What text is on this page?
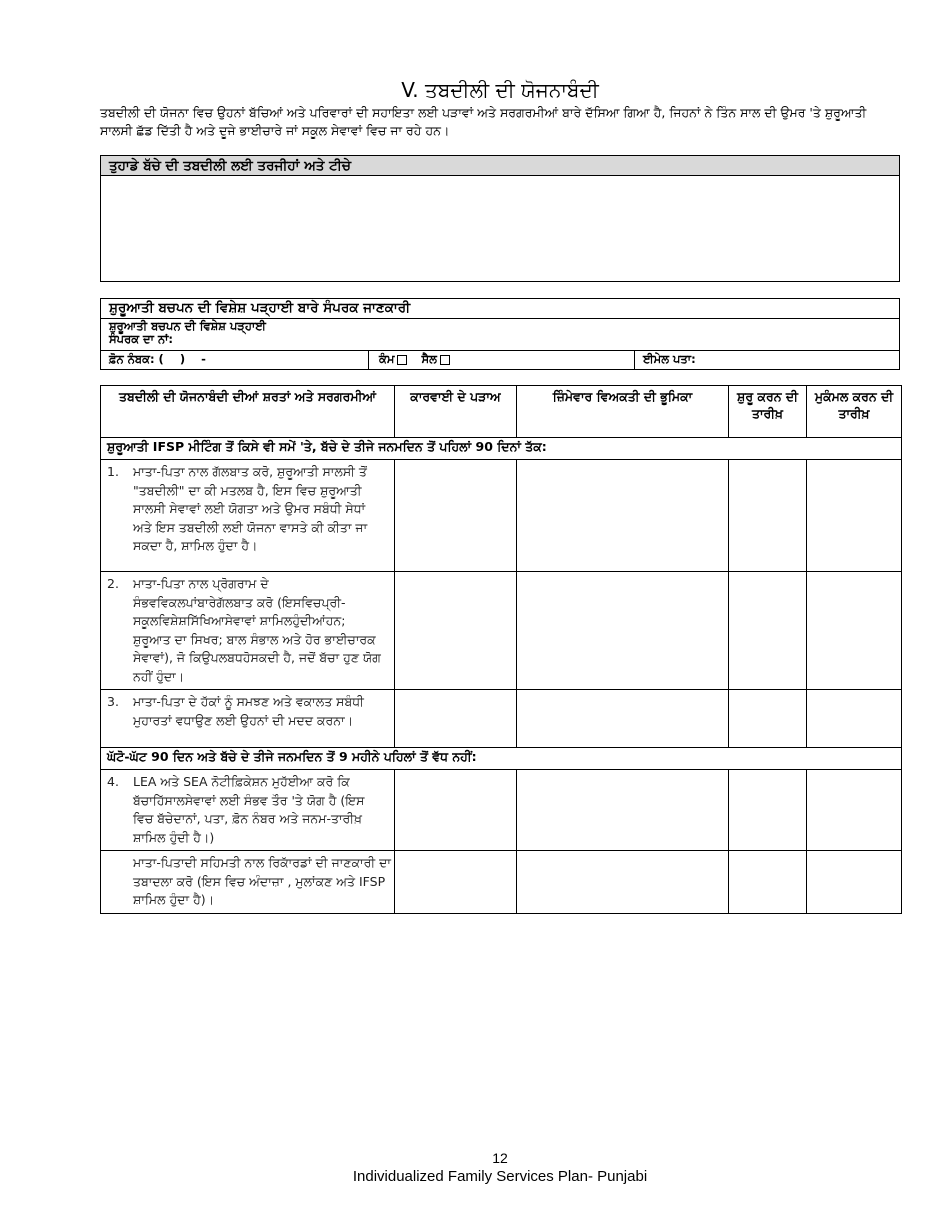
V. ਤਬਦੀਲੀ ਦੀ ਯੋਜਨਾਬੰਦੀ
ਤਬਦੀਲੀ ਦੀ ਯੋਜਨਾ ਵਿਚ ਉਹਨਾਂ ਬੱਚਿਆਂ ਅਤੇ ਪਰਿਵਾਰਾਂ ਦੀ ਸਹਾਇਤਾ ਲਈ ਪੜਾਵਾਂ ਅਤੇ ਸਰਗਰਮੀਆਂ ਬਾਰੇ ਦੱਸਿਆ ਗਿਆ ਹੈ, ਜਿਹਨਾਂ ਨੇ ਤਿੰਨ ਸਾਲ ਦੀ ਉਮਰ 'ਤੇ ਸ਼ੁਰੂਆਤੀ ਸਾਲਸੀ ਛੱਡ ਦਿੱਤੀ ਹੈ ਅਤੇ ਦੂਜੇ ਭਾਈਚਾਰੇ ਜਾਂ ਸਕੂਲ ਸੇਵਾਵਾਂ ਵਿਚ ਜਾ ਰਹੇ ਹਨ।
ਤੁਹਾਡੇ ਬੱਚੇ ਦੀ ਤਬਦੀਲੀ ਲਈ ਤਰਜੀਹਾਂ ਅਤੇ ਟੀਚੇ
ਸ਼ੁਰੂਆਤੀ ਬਚਪਨ ਦੀ ਵਿਸ਼ੇਸ਼ ਪੜ੍ਹਾਈ ਬਾਰੇ ਸੰਪਰਕ ਜਾਣਕਾਰੀ
ਸ਼ੁਰੂਆਤੀ ਬਚਪਨ ਦੀ ਵਿਸ਼ੇਸ਼ ਪੜ੍ਹਾਈ
ਸੰਪਰਕ ਦਾ ਨਾਂ:
ਫ਼ੋਨ ਨੰਬਕ: (    )    -	ਕੰਮ ਸੈਲ	ਈਮੇਲ ਪਤਾ:
ਤਬਦੀਲੀ ਦੀ ਯੋਜਨਾਬੰਦੀ ਦੀਆਂ ਸ਼ਰਤਾਂ ਅਤੇ ਸਰਗਰਮੀਆਂ	ਕਾਰਵਾਈ ਦੇ ਪੜਾਅ	ਜ਼ਿੰਮੇਵਾਰ ਵਿਅਕਤੀ ਦੀ ਭੂਮਿਕਾ	ਸ਼ੁਰੂ ਕਰਨ ਦੀ ਤਾਰੀਖ਼	ਮੁਕੰਮਲ ਕਰਨ ਦੀ ਤਾਰੀਖ਼
ਸ਼ੁਰੂਆਤੀ IFSP ਮੀਟਿੰਗ ਤੋਂ ਕਿਸੇ ਵੀ ਸਮੇਂ 'ਤੇ, ਬੱਚੇ ਦੇ ਤੀਜੇ ਜਨਮਦਿਨ ਤੋਂ ਪਹਿਲਾਂ 90 ਦਿਨਾਂ ਤੱਕ:				
1. ਮਾਤਾ-ਪਿਤਾ ਨਾਲ ਗੱਲਬਾਤ ਕਰੋ, ਸ਼ੁਰੂਆਤੀ ਸਾਲਸੀ ਤੋਂ "ਤਬਦੀਲੀ" ਦਾ ਕੀ ਮਤਲਬ ਹੈ, ਇਸ ਵਿਚ ਸ਼ੁਰੂਆਤੀ ਸਾਲਸੀ ਸੇਵਾਵਾਂ ਲਈ ਯੋਗਤਾ ਅਤੇ ਉਮਰ ਸਬੰਧੀ ਸੇਧਾਂ ਅਤੇ ਇਸ ਤਬਦੀਲੀ ਲਈ ਯੋਜਨਾ ਵਾਸਤੇ ਕੀ ਕੀਤਾ ਜਾ ਸਕਦਾ ਹੈ, ਸ਼ਾਮਿਲ ਹੁੰਦਾ ਹੈ।				
2. ਮਾਤਾ-ਪਿਤਾ ਨਾਲ ਪ੍ਰੋਗਰਾਮ ਦੇ ਸੰਭਵਵਿਕਲਪਾਂਬਾਰੇਗੱਲਬਾਤ ਕਰੋ (ਇਸਵਿਚਪ੍ਰੀ-ਸਕੂਲਵਿਸ਼ੇਸ਼ਸਿੱਖਿਆਸੇਵਾਵਾਂ ਸ਼ਾਮਿਲਹੁੰਦੀਆਂਹਨ; ਸ਼ੁਰੂਆਤ ਦਾ ਸਿਖਰ; ਬਾਲ ਸੰਭਾਲ ਅਤੇ ਹੋਰ ਭਾਈਚਾਰਕ ਸੇਵਾਵਾਂ), ਜੋ ਕਿਉਪਲਬਧਹੋਸਕਦੀ ਹੈ, ਜਦੋਂ ਬੱਚਾ ਹੁਣ ਯੋਗ ਨਹੀਂ ਹੁੰਦਾ।				
3. ਮਾਤਾ-ਪਿਤਾ ਦੇ ਹੱਕਾਂ ਨੂੰ ਸਮਝਣ ਅਤੇ ਵਕਾਲਤ ਸਬੰਧੀ ਮੁਹਾਰਤਾਂ ਵਧਾਉਣ ਲਈ ਉਹਨਾਂ ਦੀ ਮਦਦ ਕਰਨਾ।				
ਘੱਟੋ-ਘੱਟ 90 ਦਿਨ ਅਤੇ ਬੱਚੇ ਦੇ ਤੀਜੇ ਜਨਮਦਿਨ ਤੋਂ 9 ਮਹੀਨੇ ਪਹਿਲਾਂ ਤੋਂ ਵੱਧ ਨਹੀਂ:				
4. LEA ਅਤੇ SEA ਨੋਟੀਫ਼ਿਕੇਸ਼ਨ ਮੁਹੱਈਆ ਕਰੋ ਕਿ ਬੱਚਾਹਿੱਸਾਲਸੇਵਾਵਾਂ ਲਈ ਸੰਭਵ ਤੌਰ 'ਤੇ ਯੋਗ ਹੈ (ਇਸ ਵਿਚ ਬੱਚੇਦਾਨਾਂ, ਪਤਾ, ਫ਼ੋਨ ਨੰਬਰ ਅਤੇ ਜਨਮ-ਤਾਰੀਖ਼ ਸ਼ਾਮਿਲ ਹੁੰਦੀ ਹੈ।)				
ਮਾਤਾ-ਪਿਤਾਦੀ ਸਹਿਮਤੀ ਨਾਲ ਰਿਕਾੱਰਡਾਂ ਦੀ ਜਾਣਕਾਰੀ ਦਾ ਤਬਾਦਲਾ ਕਰੋ (ਇਸ ਵਿਚ ਅੰਦਾਜ਼ਾ , ਮੁਲਾਂਕਣ ਅਤੇ IFSP ਸ਼ਾਮਿਲ ਹੁੰਦਾ ਹੈ)।				
12
Individualized Family Services Plan- Punjabi
